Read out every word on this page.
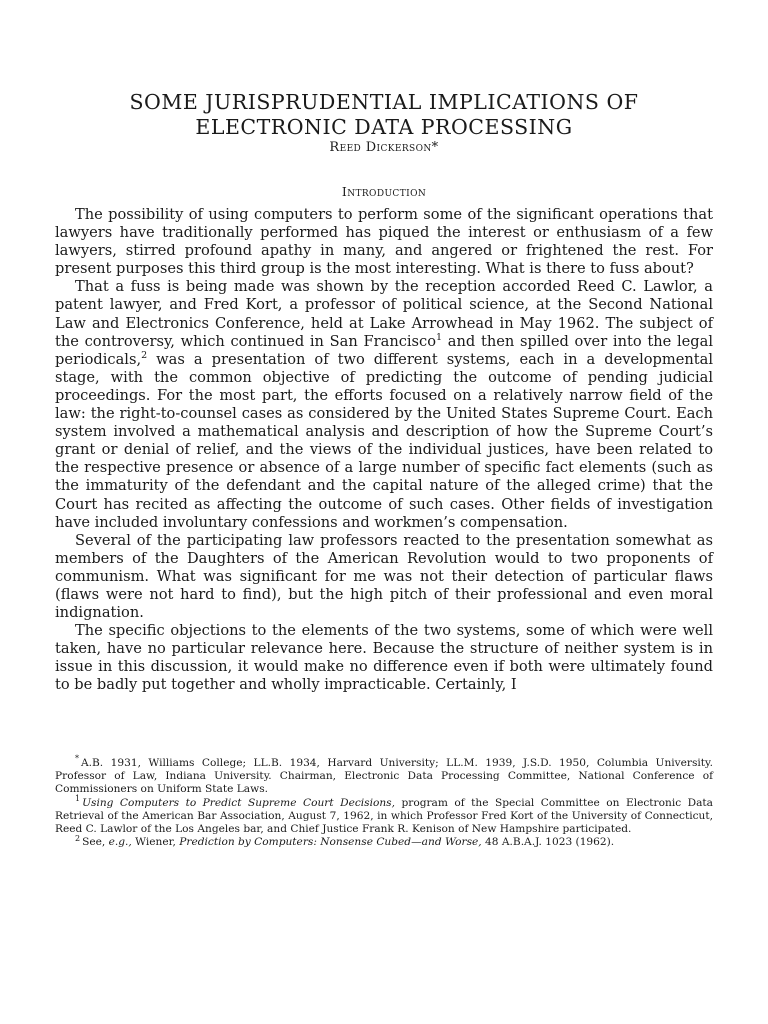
SOME JURISPRUDENTIAL IMPLICATIONS OF
ELECTRONIC DATA PROCESSING
Reed Dickerson*
Introduction

The possibility of using computers to perform some of the significant operations that lawyers have traditionally performed has piqued the interest or enthusiasm of a few lawyers, stirred profound apathy in many, and angered or frightened the rest. For present purposes this third group is the most interesting. What is there to fuss about?

That a fuss is being made was shown by the reception accorded Reed C. Lawlor, a patent lawyer, and Fred Kort, a professor of political science, at the Second National Law and Electronics Conference, held at Lake Arrowhead in May 1962. The subject of the controversy, which continued in San Francisco$^1$ and then spilled over into the legal periodicals,$^2$ was a presentation of two different systems, each in a developmental stage, with the common objective of predicting the outcome of pending judicial proceedings. For the most part, the efforts focused on a relatively narrow field of the law: the right-to-counsel cases as considered by the United States Supreme Court. Each system involved a mathematical analysis and description of how the Supreme Court’s grant or denial of relief, and the views of the individual justices, have been related to the respective presence or absence of a large number of specific fact elements (such as the immaturity of the defendant and the capital nature of the alleged crime) that the Court has recited as affecting the outcome of such cases. Other fields of investigation have included involuntary confessions and workmen’s compensation.

Several of the participating law professors reacted to the presentation somewhat as members of the Daughters of the American Revolution would to two proponents of communism. What was significant for me was not their detection of particular flaws (flaws were not hard to find), but the high pitch of their professional and even moral indignation.

The specific objections to the elements of the two systems, some of which were well taken, have no particular relevance here. Because the structure of neither system is in issue in this discussion, it would make no difference even if both were ultimately found to be badly put together and wholly impracticable. Certainly, I

* A.B. 1931, Williams College; LL.B. 1934, Harvard University; LL.M. 1939, J.S.D. 1950, Columbia University. Professor of Law, Indiana University. Chairman, Electronic Data Processing Committee, National Conference of Commissioners on Uniform State Laws.

$^1$ Using Computers to Predict Supreme Court Decisions, program of the Special Committee on Electronic Data Retrieval of the American Bar Association, August 7, 1962, in which Professor Fred Kort of the University of Connecticut, Reed C. Lawlor of the Los Angeles bar, and Chief Justice Frank R. Kenison of New Hampshire participated.

$^2$ See, e.g., Wiener, Prediction by Computers: Nonsense Cubed—and Worse, 48 A.B.A.J. 1023 (1962).
